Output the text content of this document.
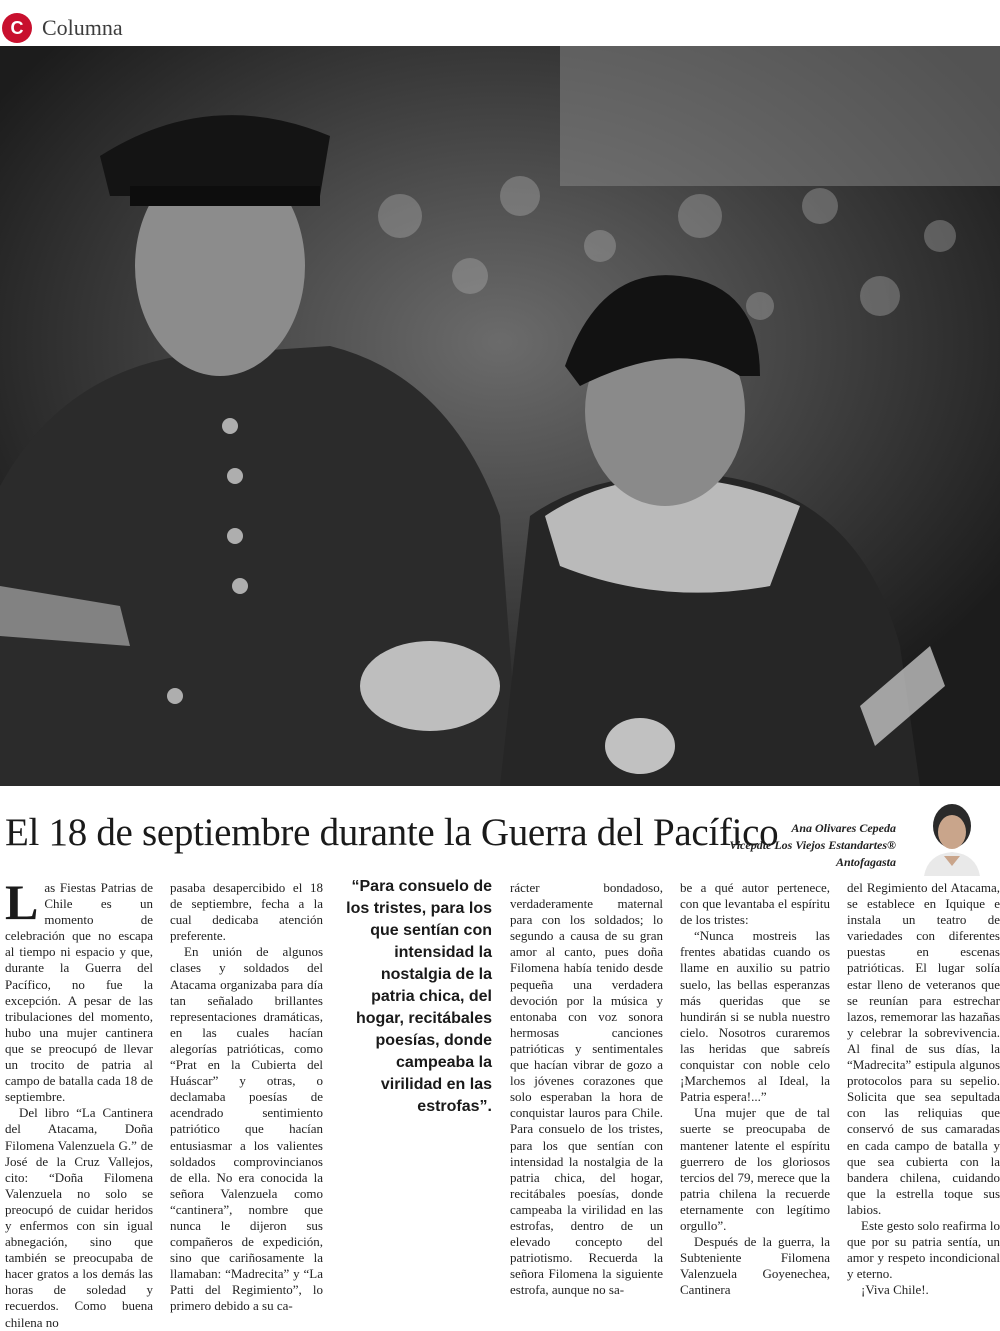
C Columna
El 18 de septiembre durante la Guerra del Pacífico	Ana Olivares Cepeda
Vicepdte Los Viejos Estandartes®
Antofagasta

Las Fiestas Patrias de Chile es un momento de celebración que no escapa al tiempo ni espacio y que, durante la Guerra del Pacífico, no fue la excepción. A pesar de las tribulaciones del momento, hubo una mujer cantinera que se preocupó de llevar un trocito de patria al campo de batalla cada 18 de septiembre.

Del libro “La Cantinera del Atacama, Doña Filomena Valenzuela G.” de José de la Cruz Vallejos, cito: “Doña Filomena Valenzuela no solo se preocupó de cuidar heridos y enfermos con sin igual abnegación, sino que también se preocupaba de hacer gratos a los demás las horas de soledad y recuerdos. Como buena chilena no

pasaba desapercibido el 18 de septiembre, fecha a la cual dedicaba atención preferente.

En unión de algunos clases y soldados del Atacama organizaba para día tan señalado brillantes representaciones dramáticas, en las cuales hacían alegorías patrióticas, como “Prat en la Cubierta del Huáscar” y otras, o declamaba poesías de acendrado sentimiento patriótico que hacían entusiasmar a los valientes soldados comprovincianos de ella. No era conocida la señora Valenzuela como “cantinera”, nombre que nunca le dijeron sus compañeros de expedición, sino que cariñosamente la llamaban: “Madrecita” y “La Patti del Regimiento”, lo primero debido a su ca-

“Para consuelo de los tristes, para los que sentían con intensidad la nostalgia de la patria chica, del hogar, recitábales poesías, donde campeaba la virilidad en las estrofas”.

rácter bondadoso, verdaderamente maternal para con los soldados; lo segundo a causa de su gran amor al canto, pues doña Filomena había tenido desde pequeña una verdadera devoción por la música y entonaba con voz sonora hermosas canciones patrióticas y sentimentales que hacían vibrar de gozo a los jóvenes corazones que solo esperaban la hora de conquistar lauros para Chile. Para consuelo de los tristes, para los que sentían con intensidad la nostalgia de la patria chica, del hogar, recitábales poesías, donde campeaba la virilidad en las estrofas, dentro de un elevado concepto del patriotismo. Recuerda la señora Filomena la siguiente estrofa, aunque no sa-

be a qué autor pertenece, con que levantaba el espíritu de los tristes:

“Nunca mostreis las frentes abatidas cuando os llame en auxilio su patrio suelo, las bellas esperanzas más queridas que se hundirán si se nubla nuestro cielo. Nosotros curaremos las heridas que sabreís conquistar con noble celo ¡Marchemos al Ideal, la Patria espera!...”

Una mujer que de tal suerte se preocupaba de mantener latente el espíritu guerrero de los gloriosos tercios del 79, merece que la patria chilena la recuerde eternamente con legítimo orgullo”.

Después de la guerra, la Subteniente Filomena Valenzuela Goyenechea, Cantinera

del Regimiento del Atacama, se establece en Iquique e instala un teatro de variedades con diferentes puestas en escenas patrióticas. El lugar solía estar lleno de veteranos que se reunían para estrechar lazos, rememorar las hazañas y celebrar la sobrevivencia. Al final de sus días, la “Madrecita” estipula algunos protocolos para su sepelio. Solicita que sea sepultada con las reliquias que conservó de sus camaradas en cada campo de batalla y que sea cubierta con la bandera chilena, cuidando que la estrella toque sus labios.

Este gesto solo reafirma lo que por su patria sentía, un amor y respeto incondicional y eterno.

¡Viva Chile!.
